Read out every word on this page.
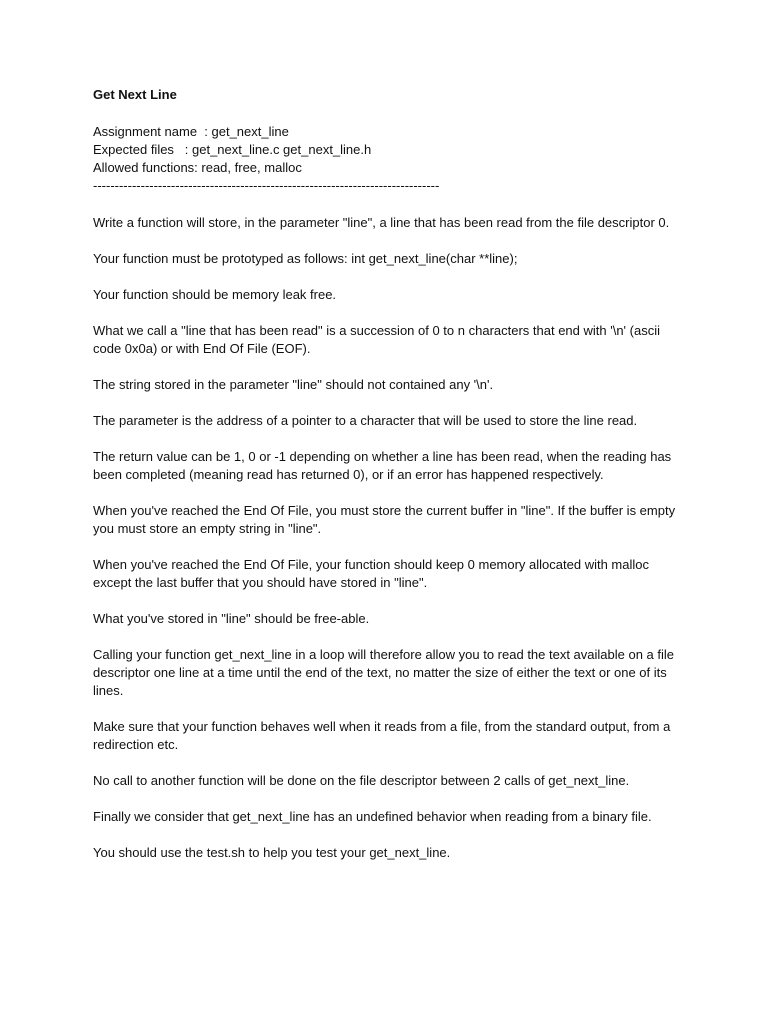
Get Next Line
Assignment name  : get_next_line
Expected files   : get_next_line.c get_next_line.h
Allowed functions: read, free, malloc
--------------------------------------------------------------------------------

Write a function will store, in the parameter "line", a line that has been read from the file descriptor 0.

Your function must be prototyped as follows: int get_next_line(char **line);

Your function should be memory leak free.

What we call a "line that has been read" is a succession of 0 to n characters that end with '\n' (ascii code 0x0a) or with End Of File (EOF).

The string stored in the parameter "line" should not contained any '\n'.

The parameter is the address of a pointer to a character that will be used to store the line read.

The return value can be 1, 0 or -1 depending on whether a line has been read, when the reading has been completed (meaning read has returned 0), or if an error has happened respectively.

When you've reached the End Of File, you must store the current buffer in "line". If the buffer is empty you must store an empty string in "line".

When you've reached the End Of File, your function should keep 0 memory allocated with malloc except the last buffer that you should have stored in "line".

What you've stored in "line" should be free-able.

Calling your function get_next_line in a loop will therefore allow you to read the text available on a file descriptor one line at a time until the end of the text, no matter the size of either the text or one of its lines.

Make sure that your function behaves well when it reads from a file, from the standard output, from a redirection etc.

No call to another function will be done on the file descriptor between 2 calls of get_next_line.

Finally we consider that get_next_line has an undefined behavior when reading from a binary file.

You should use the test.sh to help you test your get_next_line.
